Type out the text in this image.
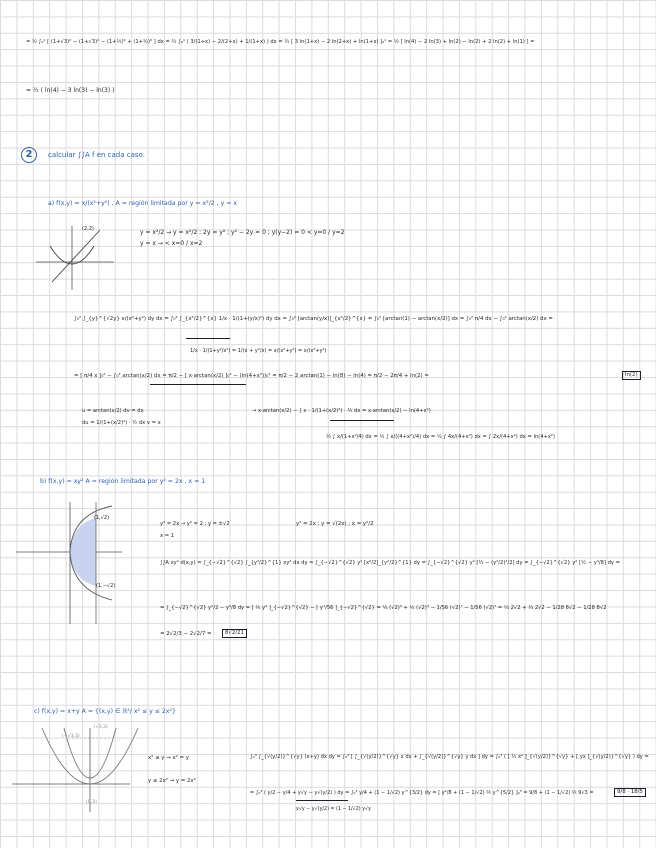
= ½ ∫₀¹ [ (1+√3)² − (1+√3)² − (1+½)² + (1+½)² ] dx = ½ ∫₀¹ ( 3/(1+x) − 2/(2+x) + 1/(1+x) ) dx = ½ [ 3 ln(1+x) − 2 ln(2+x) + ln(1+x) ]₀¹ = ½ [ ln(4) − 2 ln(3) + ln(2) − ln(2) + 2 ln(2) + ln(1) ] =
= ½ ( ln(4) − 3 ln(3) − ln(3) )
2	calcular ∫∫A f en cada caso.
a) f(x,y) = x/(x²+y²) , A = región limitada por y = x²/2 , y = x
(2,2)	y = x²/2 → y = x²/2 ; 2y = y² ; y² − 2y = 0 ; y(y−2) = 0 < y=0 / y=2
y = x → < x=0 / x=2
∫₀² ∫_{y}^{√2y} x/(x²+y²) dy dx = ∫₀² ∫_{x²/2}^{x} 1/x · 1/(1+(y/x)²) dy dx = ∫₀² [arctan(y/x)]_{x²/2}^{x} = ∫₀² [arctan(1) − arctan(x/2)] dx = ∫₀² π/4 dx − ∫₀² arctan(x/2) dx =
1/x · 1/(1+y²/x²) = 1/(x + y²/x) = x/(x²+y²) = x/(x²+y²)
= [ π/4 x ]₀² − ∫₀² arctan(x/2) dx = π/2 − [ x·arctan(x/2) ]₀² − (ln(4+x²))₀² = π/2 − 2 arctan(1) − ln(8) − ln(4) = π/2 − 2π/4 + ln(2) =	ln(2)
u = arctan(x/2) dv = dx
du = 1/(1+(x/2)²) · ½ dx v = x
→ x·arctan(x/2) − ∫ x · 1/(1+(x/2)²) · ½ dx = x·arctan(x/2) − ln(4+x²)
½ ∫ x/(1+x²/4) dx = ½ ∫ x/((4+x²)/4) dx = ½ ∫ 4x/(4+x²) dx = ∫ 2x/(4+x²) dx = ln(4+x²)
b) f(x,y) = xy² A = región limitada por y² = 2x , x = 1
(1,√2)
(1,−√2)
y² = 2x → y² = 2 ; y = ±√2
x = 1
y² = 2x ; y = √(2x) ; x = y²/2
∫∫A xy² d(x,y) = ∫_{−√2}^{√2} ∫_{y²/2}^{1} xy² dx dy = ∫_{−√2}^{√2} y² [x²/2]_{y²/2}^{1} dy = ∫_{−√2}^{√2} y² [½ − (y²/2)²/2] dy = ∫_{−√2}^{√2} y² [½ − y⁴/8] dy =
= ∫_{−√2}^{√2} y²/2 − y⁶/8 dy = [ ⅙ y³ ]_{−√2}^{√2} − [ y⁷/56 ]_{−√2}^{√2} = ⅙ (√2)³ + ⅙ (√2)³ − 1/56 (√2)⁷ − 1/56 (√2)⁷ = ⅓ 2√2 + ⅓ 2√2 − 1/28 8√2 − 1/28 8√2
= 2√2/3 − 2√2/7 =	8√2/21
c) f(x,y) = x+y A = {(x,y) ∈ ℝ²/ x² ≤ y ≤ 2x²}
(√3,3)
(−√3,3)
(0,3)
x² ≤ y → x² = y
y ≤ 2x² → y = 2x²
∫₀³ ∫_{√(y/2)}^{√y} (x+y) dx dy = ∫₀³ [ ∫_{√(y/2)}^{√y} x dx + ∫_{√(y/2)}^{√y} y dx ] dy = ∫₀³ ( [ ½ x² ]_{√(y/2)}^{√y} + [ yx ]_{√(y/2)}^{√y} ) dy =
= ∫₀³ ( y/2 − y/4 + y√y − y√(y/2) ) dy = ∫₀³ y/4 + (1 − 1/√2) y^{3/2} dy = [ y²/8 + (1 − 1/√2) ⅖ y^{5/2} ]₀³ = 9/8 + (1 − 1/√2) ⅖ 9√3 =
y√y − y√(y/2) = (1 − 1/√2) y√y
9/8 · 18/5
